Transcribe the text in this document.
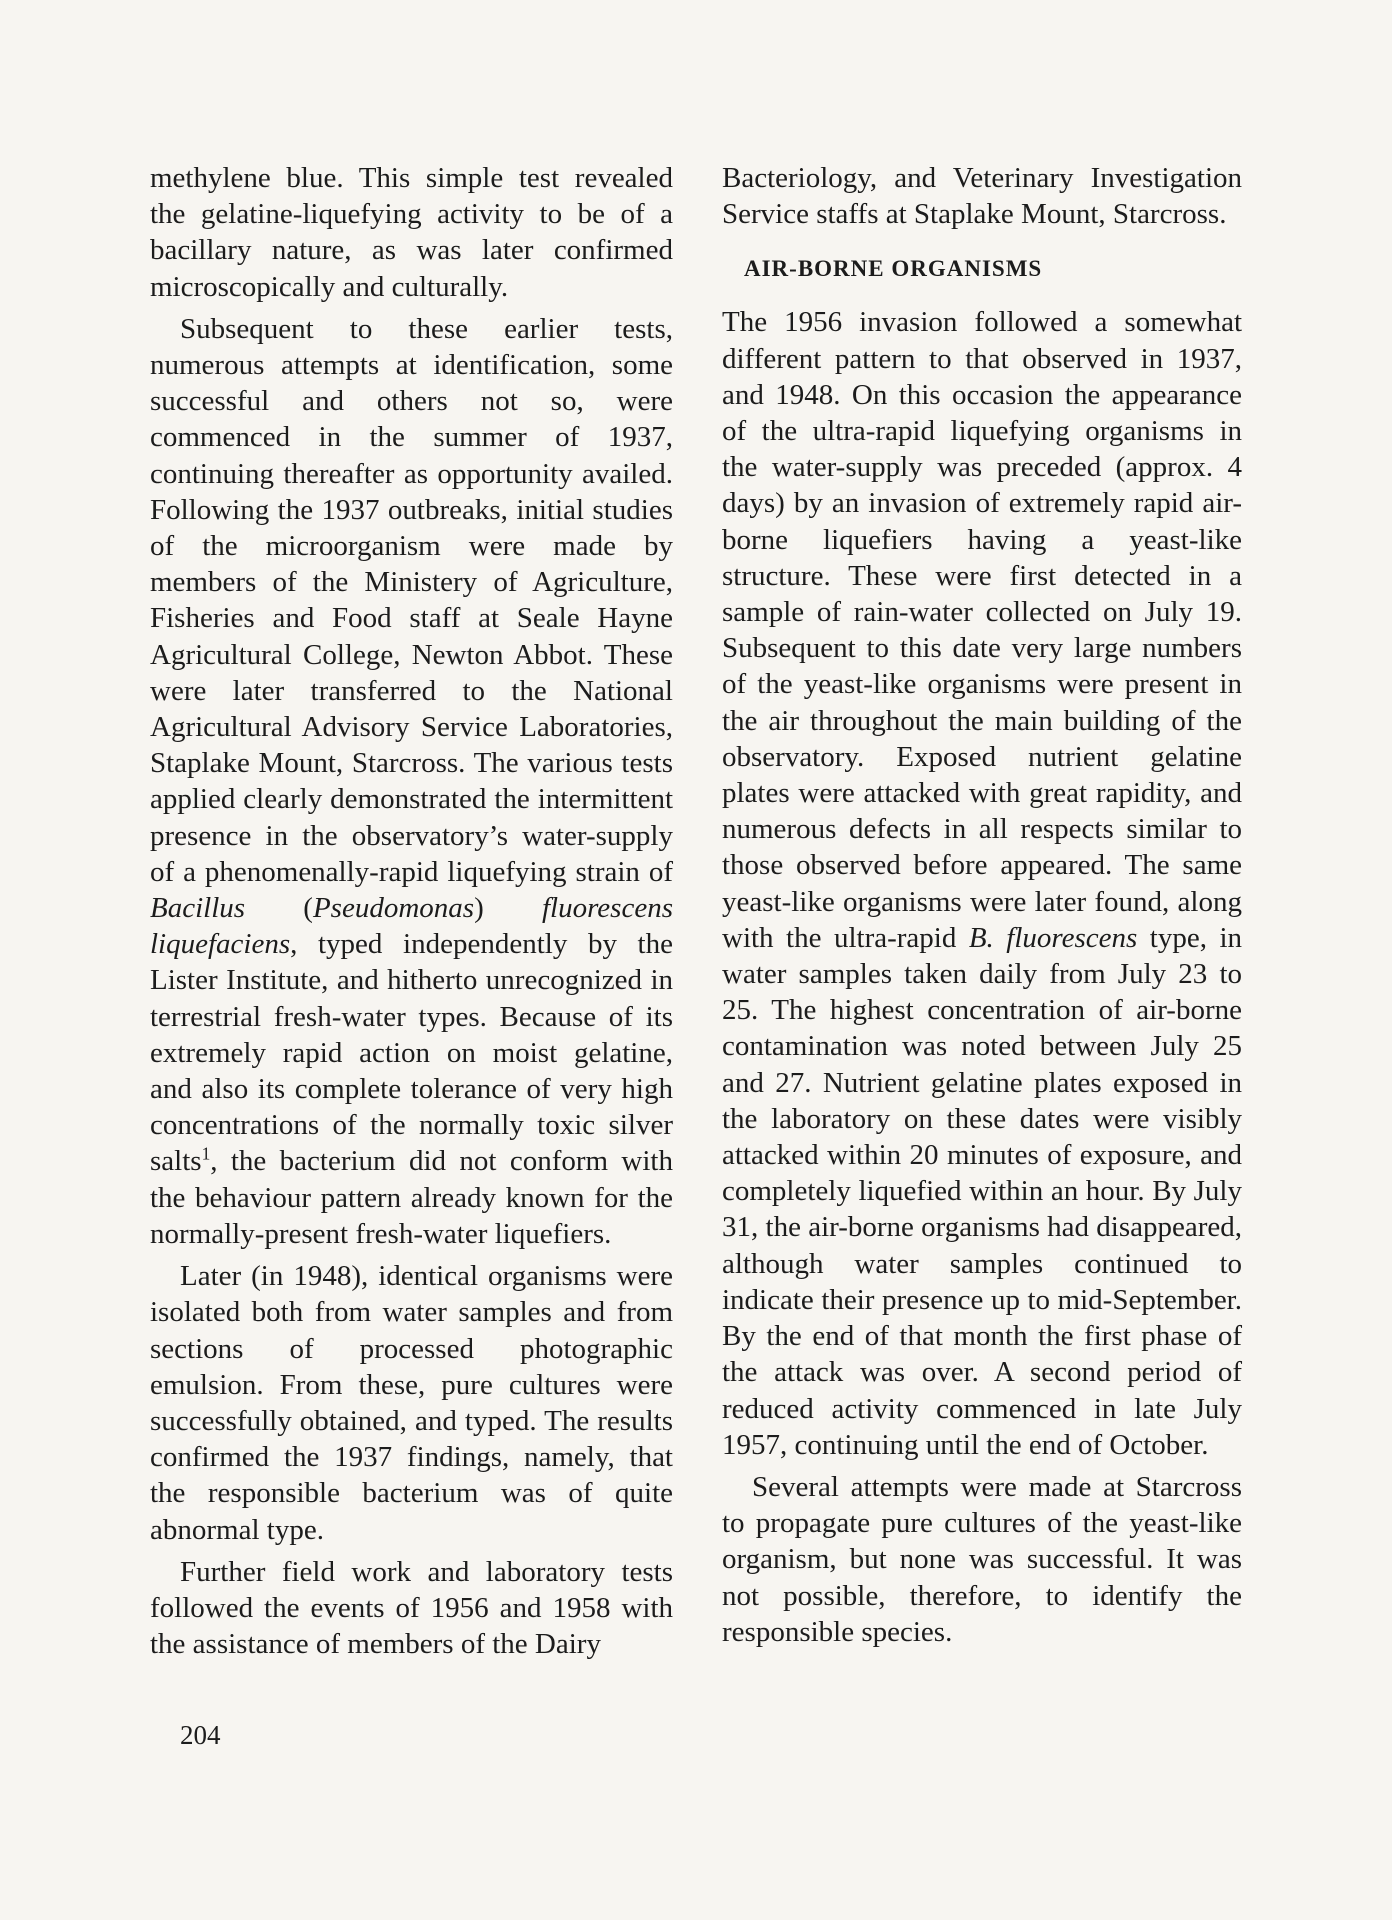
methylene blue. This simple test revealed the gelatine-liquefying activity to be of a bacillary nature, as was later confirmed microscopically and culturally.

Subsequent to these earlier tests, numerous attempts at identification, some successful and others not so, were commenced in the summer of 1937, continuing thereafter as opportunity availed. Following the 1937 outbreaks, initial studies of the microorganism were made by members of the Ministery of Agriculture, Fisheries and Food staff at Seale Hayne Agricultural College, Newton Abbot. These were later transferred to the National Agricultural Advisory Service Laboratories, Staplake Mount, Starcross. The various tests applied clearly demonstrated the intermittent presence in the observatory’s water-supply of a phenomenally-rapid liquefying strain of Bacillus (Pseudomonas) fluorescens liquefaciens, typed independently by the Lister Institute, and hitherto unrecognized in terrestrial fresh-water types. Because of its extremely rapid action on moist gelatine, and also its complete tolerance of very high concentrations of the normally toxic silver salts$^1$, the bacterium did not conform with the behaviour pattern already known for the normally-present fresh-water liquefiers.

Later (in 1948), identical organisms were isolated both from water samples and from sections of processed photographic emulsion. From these, pure cultures were successfully obtained, and typed. The results confirmed the 1937 findings, namely, that the responsible bacterium was of quite abnormal type.

Further field work and laboratory tests followed the events of 1956 and 1958 with the assistance of members of the Dairy

Bacteriology, and Veterinary Investigation Service staffs at Staplake Mount, Starcross.

AIR-BORNE ORGANISMS

The 1956 invasion followed a somewhat different pattern to that observed in 1937, and 1948. On this occasion the appearance of the ultra-rapid liquefying organisms in the water-supply was preceded (approx. 4 days) by an invasion of extremely rapid air-borne liquefiers having a yeast-like structure. These were first detected in a sample of rain-water collected on July 19. Subsequent to this date very large numbers of the yeast-like organisms were present in the air throughout the main building of the observatory. Exposed nutrient gelatine plates were attacked with great rapidity, and numerous defects in all respects similar to those observed before appeared. The same yeast-like organisms were later found, along with the ultra-rapid B. fluorescens type, in water samples taken daily from July 23 to 25. The highest concentration of air-borne contamination was noted between July 25 and 27. Nutrient gelatine plates exposed in the laboratory on these dates were visibly attacked within 20 minutes of exposure, and completely liquefied within an hour. By July 31, the air-borne organisms had disappeared, although water samples continued to indicate their presence up to mid-September. By the end of that month the first phase of the attack was over. A second period of reduced activity commenced in late July 1957, continuing until the end of October.

Several attempts were made at Starcross to propagate pure cultures of the yeast-like organism, but none was successful. It was not possible, therefore, to identify the responsible species.

204
